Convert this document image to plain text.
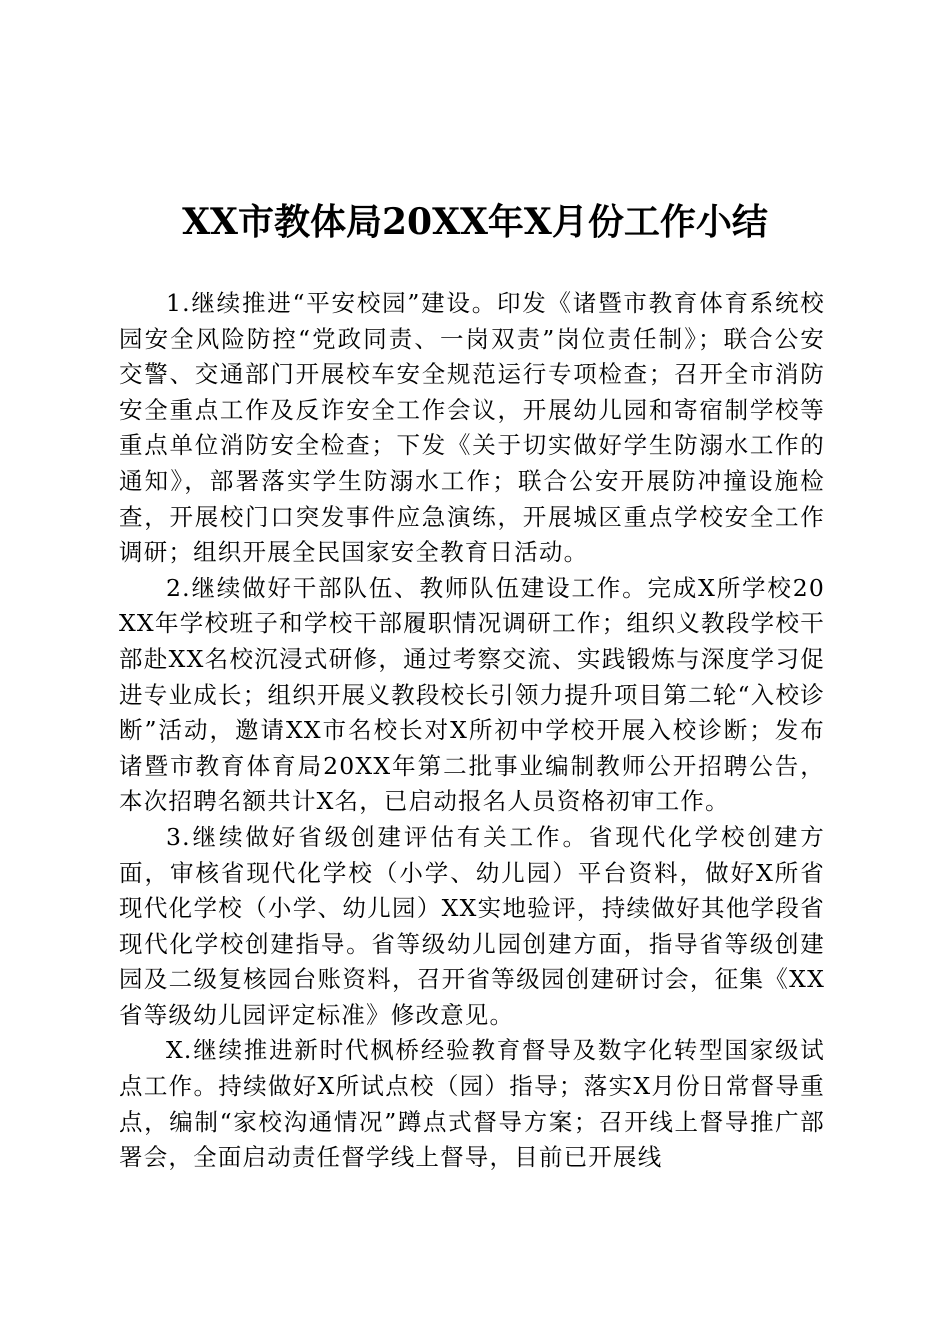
XX市教体局20XX年X月份工作小结

1.继续推进“平安校园”建设。印发《诸暨市教育体育系统校园安全风险防控“党政同责、一岗双责”岗位责任制》；联合公安交警、交通部门开展校车安全规范运行专项检查；召开全市消防安全重点工作及反诈安全工作会议，开展幼儿园和寄宿制学校等重点单位消防安全检查；下发《关于切实做好学生防溺水工作的通知》，部署落实学生防溺水工作；联合公安开展防冲撞设施检查，开展校门口突发事件应急演练，开展城区重点学校安全工作调研；组织开展全民国家安全教育日活动。

2.继续做好干部队伍、教师队伍建设工作。完成X所学校20XX年学校班子和学校干部履职情况调研工作；组织义教段学校干部赴XX名校沉浸式研修，通过考察交流、实践锻炼与深度学习促进专业成长；组织开展义教段校长引领力提升项目第二轮“入校诊断”活动，邀请XX市名校长对X所初中学校开展入校诊断；发布诸暨市教育体育局20XX年第二批事业编制教师公开招聘公告，本次招聘名额共计X名，已启动报名人员资格初审工作。

3.继续做好省级创建评估有关工作。省现代化学校创建方面，审核省现代化学校（小学、幼儿园）平台资料，做好X所省现代化学校（小学、幼儿园）XX实地验评，持续做好其他学段省现代化学校创建指导。省等级幼儿园创建方面，指导省等级创建园及二级复核园台账资料，召开省等级园创建研讨会，征集《XX省等级幼儿园评定标准》修改意见。

X.继续推进新时代枫桥经验教育督导及数字化转型国家级试点工作。持续做好X所试点校（园）指导；落实X月份日常督导重点，编制“家校沟通情况”蹲点式督导方案；召开线上督导推广部署会，全面启动责任督学线上督导，目前已开展线
